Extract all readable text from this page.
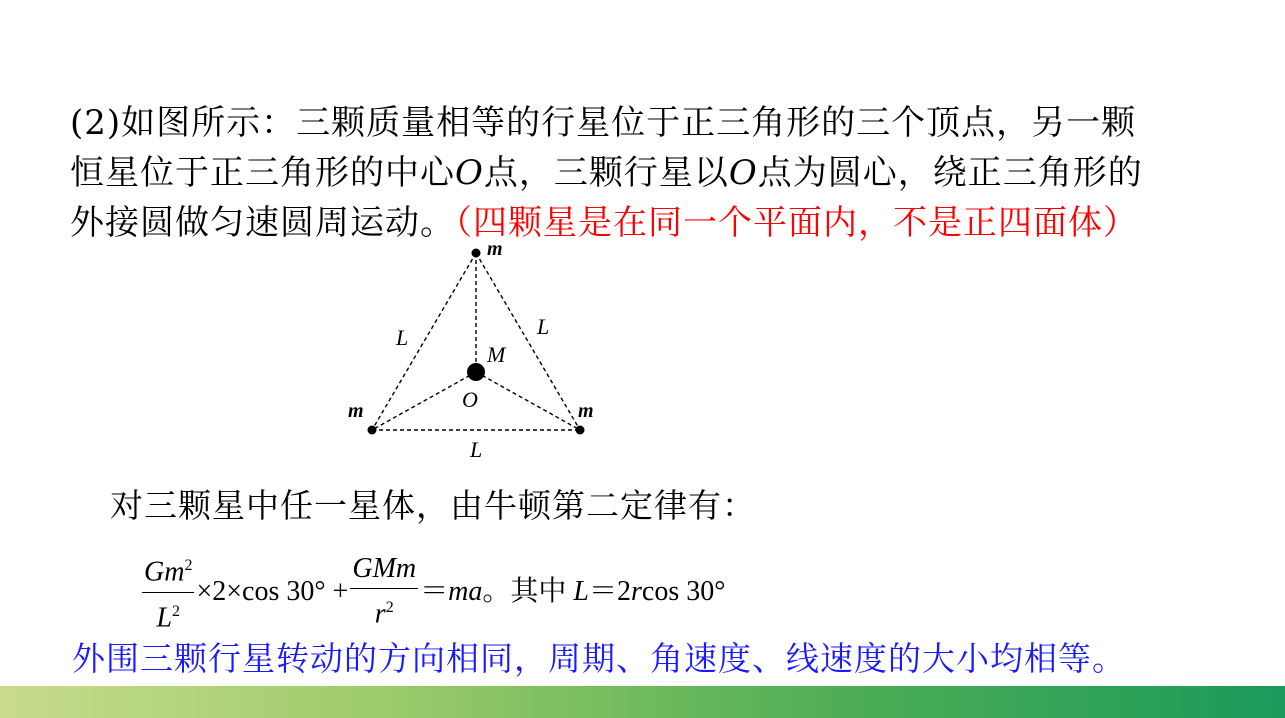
(2)如图所示：三颗质量相等的行星位于正三角形的三个顶点，另一颗
恒星位于正三角形的中心O点，三颗行星以O点为圆心，绕正三角形的
外接圆做匀速圆周运动。（四颗星是在同一个平面内，不是正四面体）
m
m	m
L	L
L
M
O
对三颗星中任一星体，由牛顿第二定律有：
$\frac{Gm^2}{L^2} \times 2\times\cos$ $30^\circ + \frac{\text{GMm}}{r^2}$ ＝ ma 。其中 L＝2rcos 30°
外围三颗行星转动的方向相同，周期、角速度、线速度的大小均相等。
